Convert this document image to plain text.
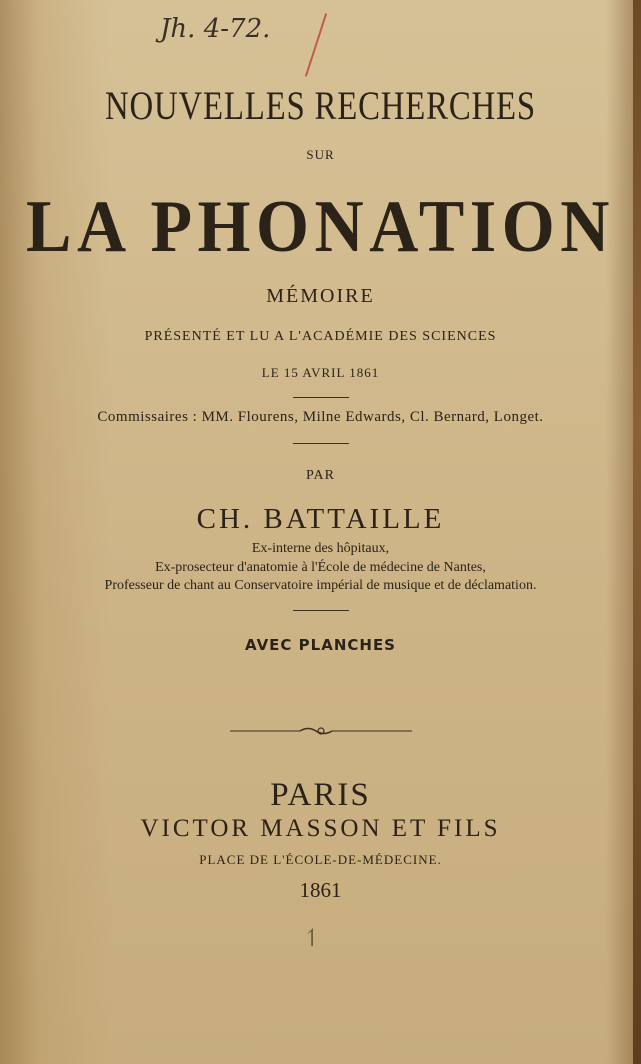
Jh. 4-72.
NOUVELLES RECHERCHES
SUR
LA PHONATION
MÉMOIRE
PRÉSENTÉ ET LU A L'ACADÉMIE DES SCIENCES
LE 15 AVRIL 1861
Commissaires : MM. Flourens, Milne Edwards, Cl. Bernard, Longet.
PAR
CH. BATTAILLE
Ex-interne des hôpitaux,
Ex-prosecteur d'anatomie à l'École de médecine de Nantes,
Professeur de chant au Conservatoire impérial de musique et de déclamation.
AVEC PLANCHES
PARIS
VICTOR MASSON ET FILS
PLACE DE L'ÉCOLE-DE-MÉDECINE.
1861
↿
